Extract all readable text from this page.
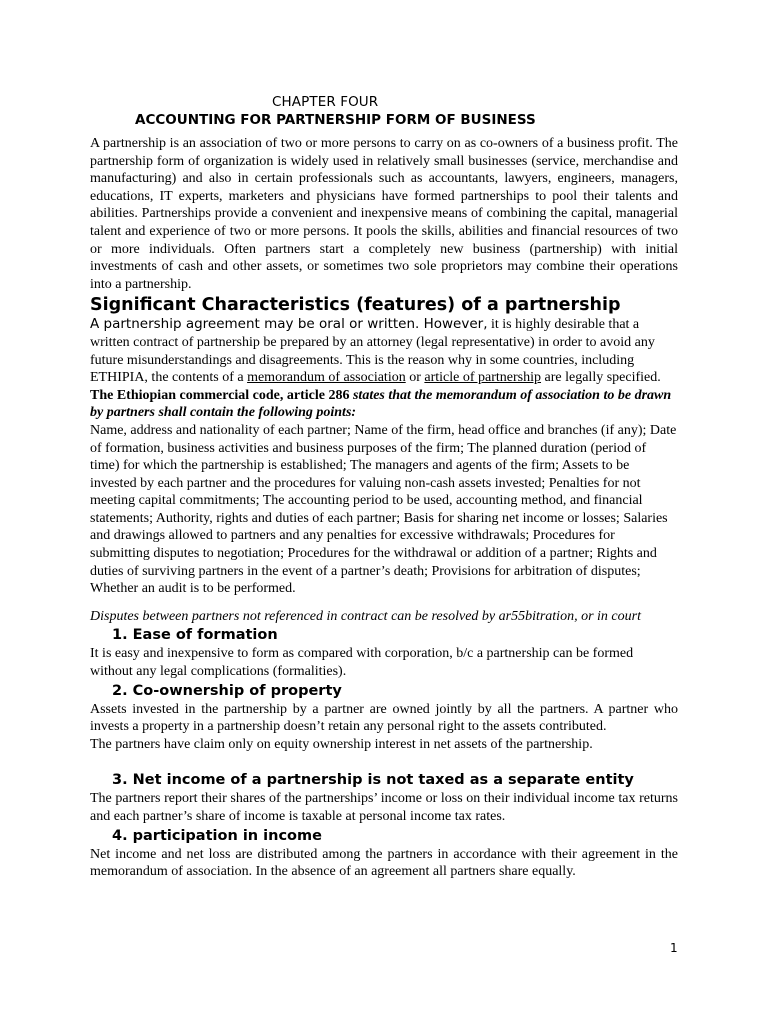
CHAPTER FOUR

ACCOUNTING FOR PARTNERSHIP FORM OF BUSINESS

A partnership is an association of two or more persons to carry on as co-owners of a business profit. The partnership form of organization is widely used in relatively small businesses (service, merchandise and manufacturing) and also in certain professionals such as accountants, lawyers, engineers, managers, educations, IT experts, marketers and physicians have formed partnerships to pool their talents and abilities. Partnerships provide a convenient and inexpensive means of combining the capital, managerial talent and experience of two or more persons. It pools the skills, abilities and financial resources of two or more individuals. Often partners start a completely new business (partnership) with initial investments of cash and other assets, or sometimes two sole proprietors may combine their operations into a partnership.

Significant Characteristics (features) of a partnership

A partnership agreement may be oral or written. However, it is highly desirable that a written contract of partnership be prepared by an attorney (legal representative) in order to avoid any future misunderstandings and disagreements. This is the reason why in some countries, including ETHIPIA, the contents of a memorandum of association or article of partnership are legally specified. The Ethiopian commercial code, article 286 states that the memorandum of association to be drawn by partners shall contain the following points:

Name, address and nationality of each partner; Name of the firm, head office and branches (if any); Date of formation, business activities and business purposes of the firm; The planned duration (period of time) for which the partnership is established; The managers and agents of the firm; Assets to be invested by each partner and the procedures for valuing non-cash assets invested; Penalties for not meeting capital commitments; The accounting period to be used, accounting method, and financial statements; Authority, rights and duties of each partner; Basis for sharing net income or losses; Salaries and drawings allowed to partners and any penalties for excessive withdrawals; Procedures for submitting disputes to negotiation; Procedures for the withdrawal or addition of a partner; Rights and duties of surviving partners in the event of a partner’s death; Provisions for arbitration of disputes; Whether an audit is to be performed.

Disputes between partners not referenced in contract can be resolved by ar55bitration, or in court

1. Ease of formation

It is easy and inexpensive to form as compared with corporation, b/c a partnership can be formed without any legal complications (formalities).

2. Co-ownership of property

Assets invested in the partnership by a partner are owned jointly by all the partners. A partner who invests a property in a partnership doesn’t retain any personal right to the assets contributed.

The partners have claim only on equity ownership interest in net assets of the partnership.

3. Net income of a partnership is not taxed as a separate entity

The partners report their shares of the partnerships’ income or loss on their individual income tax returns and each partner’s share of income is taxable at personal income tax rates.

4. participation in income

Net income and net loss are distributed among the partners in accordance with their agreement in the memorandum of association. In the absence of an agreement all partners share equally.

1
